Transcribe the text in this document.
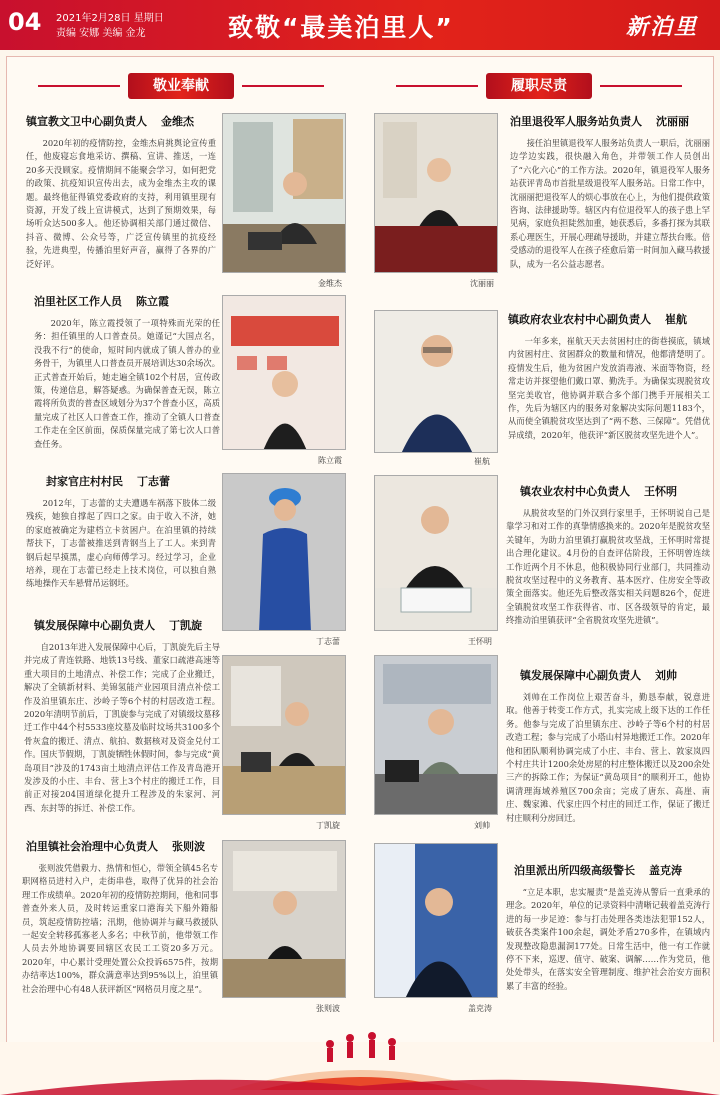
04 2021年2月28日 星期日
责编 安娜 美编 金龙	致敬“最美泊里人”	新泊里
敬业奉献	履职尽责
镇宣教文卫中心副负责人 金维杰
2020年初的疫情防控，金维杰肩挑舆论宣传重任，他废寝忘食地采访、撰稿、宣讲、推送，一连20多天没顾家。疫情期间不能聚会学习，如何把党的政策、抗疫知识宣传出去，成为金维杰主攻的课题。最终他征得镇党委政府的支持，利用镇里现有资源，开发了线上宣讲模式，达到了预期效果，每场听众达500多人。他还协调相关部门通过微信、抖音、微博、公众号等，广泛宣传镇里的抗疫经验，先进典型，传播泊里好声音，赢得了各界的广泛好评。
金维杰
泊里社区工作人员 陈立霞
2020年，陈立霞授领了一项特殊而光荣的任务：担任镇里的人口普查员。她谨记“大国点名，没我不行”的使命，短时间内就成了镇人普办的业务骨干，为镇里人口普查员开展培训达30余场次。正式普查开始后，她走遍全镇102个村居，宣传政策，传递信息，解答疑惑。为确保普查无误，陈立霞将所负责的普查区域划分为37个普查小区，高质量完成了社区人口普查工作，推动了全镇人口普查工作走在全区前面，保质保量完成了第七次人口普查任务。
陈立霞
封家官庄村村民 丁志蕾
2012年，丁志蕾的丈夫遭遇车祸落下肢体二级残疾，她独自撑起了四口之家。由于收入不济，她的家庭被确定为建档立卡贫困户。在泊里镇的持续帮扶下，丁志蕾被推送到青钢当上了工人。来到青钢后起早摸黑，虚心向师傅学习。经过学习，企业培养，现在丁志蕾已经走上技术岗位，可以独自熟练地操作天车悬臂吊运钢坯。
丁志蕾
镇发展保障中心副负责人 丁凯旋
自2013年进入发展保障中心后，丁凯旋先后主导并完成了青连铁路、地铁13号线、董家口疏港高速等重大项目的土地清点、补偿工作；完成了企业搬迁，解决了全镇新材料、美锦氢能产业园项目清点补偿工作及泊里镇东庄、沙岭子等6个村的村居改造工程。2020年清明节前后，丁凯旋参与完成了对镇级坟墓移迁工作中44个村5533座坟墓及临时坟场共3100多个骨灰盒的搬迁、清点、航拍、数据核对及资金兑付工作。国庆节假期，丁凯旋牺牲休假时间，参与完成“黄岛项目”涉及的1743亩土地清点评估工作及青岛港开发涉及的小庄、丰台、营上3个村庄的搬迁工作，目前正对接204国道绿化提升工程涉及的朱家河、河西、东封等的拆迁、补偿工作。
丁凯旋
泊里镇社会治理中心负责人 张则波
张则波凭借毅力、热情和恒心，带领全镇45名专职网格员进村入户，走街串巷，取得了优异的社会治理工作成绩单。2020年初的疫情防控期间，他和同事普查外来人员，及时转运重家口港海关下船外籍船员，筑起疫情防控墙；汛期，他协调并与藏马救援队一起安全转移孤寡老人多名；中秋节前，他带领工作人员去外地协调要回辖区农民工工资20多万元。2020年，中心累计受理处置公众投诉6575件，按期办结率达100%，群众满意率达到95%以上，泊里镇社会治理中心有48人获评新区“网格员月度之星”。
张则波
沈丽丽
泊里退役军人服务站负责人 沈丽丽
接任泊里镇退役军人服务站负责人一职后，沈丽丽边学边实践，很快融入角色，并带领工作人员创出了“六化六心”的工作方法。2020年，镇退役军人服务站获评青岛市首批星级退役军人服务站。日常工作中，沈丽丽把退役军人的烦心事放在心上，为他们提供政策咨询、法律援助等。辖区内有位退役军人的孩子患上罕见病，家庭负担陡然加重，她获悉后，多番打探为其联系心理医生，开展心理疏导援助，并建立帮扶台账。倍受感动的退役军人在孩子痊愈后第一时间加入藏马救援队，成为一名公益志愿者。
崔航
镇政府农业农村中心副负责人 崔航
一年多来，崔航天天去贫困村庄的街巷摸底，镇域内贫困村庄、贫困群众的数量和情况，他都清楚明了。疫情发生后，他为贫困户发放消毒液、米面等物资，经常走访并探望他们戴口罩、勤洗手。为确保实现脱贫攻坚完美收官，他协调并联合多个部门携手开展相关工作，先后为辖区内的服务对象解决实际问题1183个，从而使全镇脱贫攻坚达到了“两不愁、三保障”。凭借优异成绩，2020年，他获评“新区脱贫攻坚先进个人”。
王怀明
镇农业农村中心负责人 王怀明
从脱贫攻坚的门外汉到行家里手，王怀明说自己是靠学习和对工作的真挚情感换来的。2020年是脱贫攻坚关键年，为助力泊里镇打赢脱贫攻坚战，王怀明时常提出合理化建议。4月份的自查评估阶段，王怀明曾连续工作近两个月不休息，他积极协同行业部门，共同推动脱贫攻坚过程中的义务教育、基本医疗、住房安全等政策全面落实。他还先后整改落实相关问题826个，促进全镇脱贫攻坚工作获得省、市、区各级领导的肯定，最终推动泊里镇获评“全省脱贫攻坚先进镇”。
刘帅
镇发展保障中心副负责人 刘帅
刘帅在工作岗位上艰苦奋斗，勤恳奉献，锐意进取。他善于转变工作方式，扎实完成上级下达的工作任务。他参与完成了泊里镇东庄、沙岭子等6个村的村居改造工程；参与完成了小塔山村异地搬迁工作。2020年他和团队顺利协调完成了小庄、丰台、营上、敦家岚四个村庄共计1200余处房屋的村庄整体搬迁以及200余处三产的拆除工作；为保证“黄岛项目”的顺利开工，他协调清理海域养殖区700余亩；完成了唐东、高崖、南庄、魏家滩、代家庄四个村庄的回迁工作，保证了搬迁村庄顺利分房回迁。
盖克涛
泊里派出所四级高级警长 盖克涛
“立足本职，忠实履责”是盖克涛从警后一直秉承的理念。2020年，单位的记录资料中清晰记载着盖克涛行进的每一步足迹：参与打击处理各类违法犯罪152人，破获各类案件100余起，调处矛盾270多件，在镇域内发现整改隐患漏洞177处。日常生活中，他一有工作就停不下来，巡逻、值守、破案、调解……作为党员，他处处带头，在落实安全管理制度、维护社会治安方面积累了丰富的经验。
